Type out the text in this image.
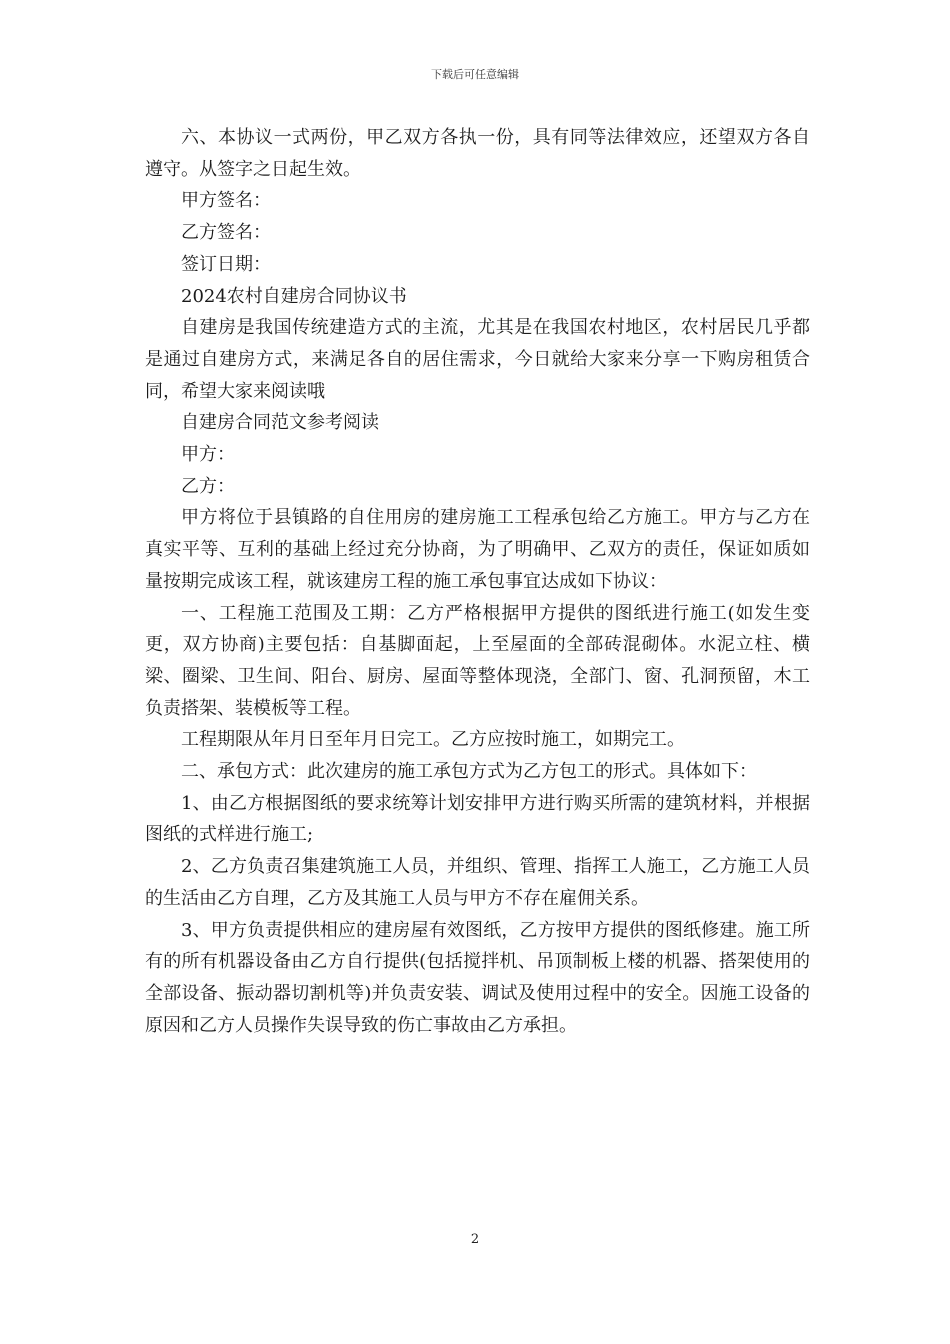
下载后可任意编辑

六、本协议一式两份，甲乙双方各执一份，具有同等法律效应，还望双方各自遵守。从签字之日起生效。

甲方签名：

乙方签名：

签订日期：

2024农村自建房合同协议书

自建房是我国传统建造方式的主流，尤其是在我国农村地区，农村居民几乎都是通过自建房方式，来满足各自的居住需求，今日就给大家来分享一下购房租赁合同，希望大家来阅读哦

自建房合同范文参考阅读

甲方：

乙方：

甲方将位于县镇路的自住用房的建房施工工程承包给乙方施工。甲方与乙方在真实平等、互利的基础上经过充分协商，为了明确甲、乙双方的责任，保证如质如量按期完成该工程，就该建房工程的施工承包事宜达成如下协议：

一、工程施工范围及工期：乙方严格根据甲方提供的图纸进行施工(如发生变更，双方协商)主要包括：自基脚面起，上至屋面的全部砖混砌体。水泥立柱、横梁、圈梁、卫生间、阳台、厨房、屋面等整体现浇，全部门、窗、孔洞预留，木工负责搭架、装模板等工程。

工程期限从年月日至年月日完工。乙方应按时施工，如期完工。

二、承包方式：此次建房的施工承包方式为乙方包工的形式。具体如下：

1、由乙方根据图纸的要求统筹计划安排甲方进行购买所需的建筑材料，并根据图纸的式样进行施工;

2、乙方负责召集建筑施工人员，并组织、管理、指挥工人施工，乙方施工人员的生活由乙方自理，乙方及其施工人员与甲方不存在雇佣关系。

3、甲方负责提供相应的建房屋有效图纸，乙方按甲方提供的图纸修建。施工所有的所有机器设备由乙方自行提供(包括搅拌机、吊顶制板上楼的机器、搭架使用的全部设备、振动器切割机等)并负责安装、调试及使用过程中的安全。因施工设备的原因和乙方人员操作失误导致的伤亡事故由乙方承担。

2
